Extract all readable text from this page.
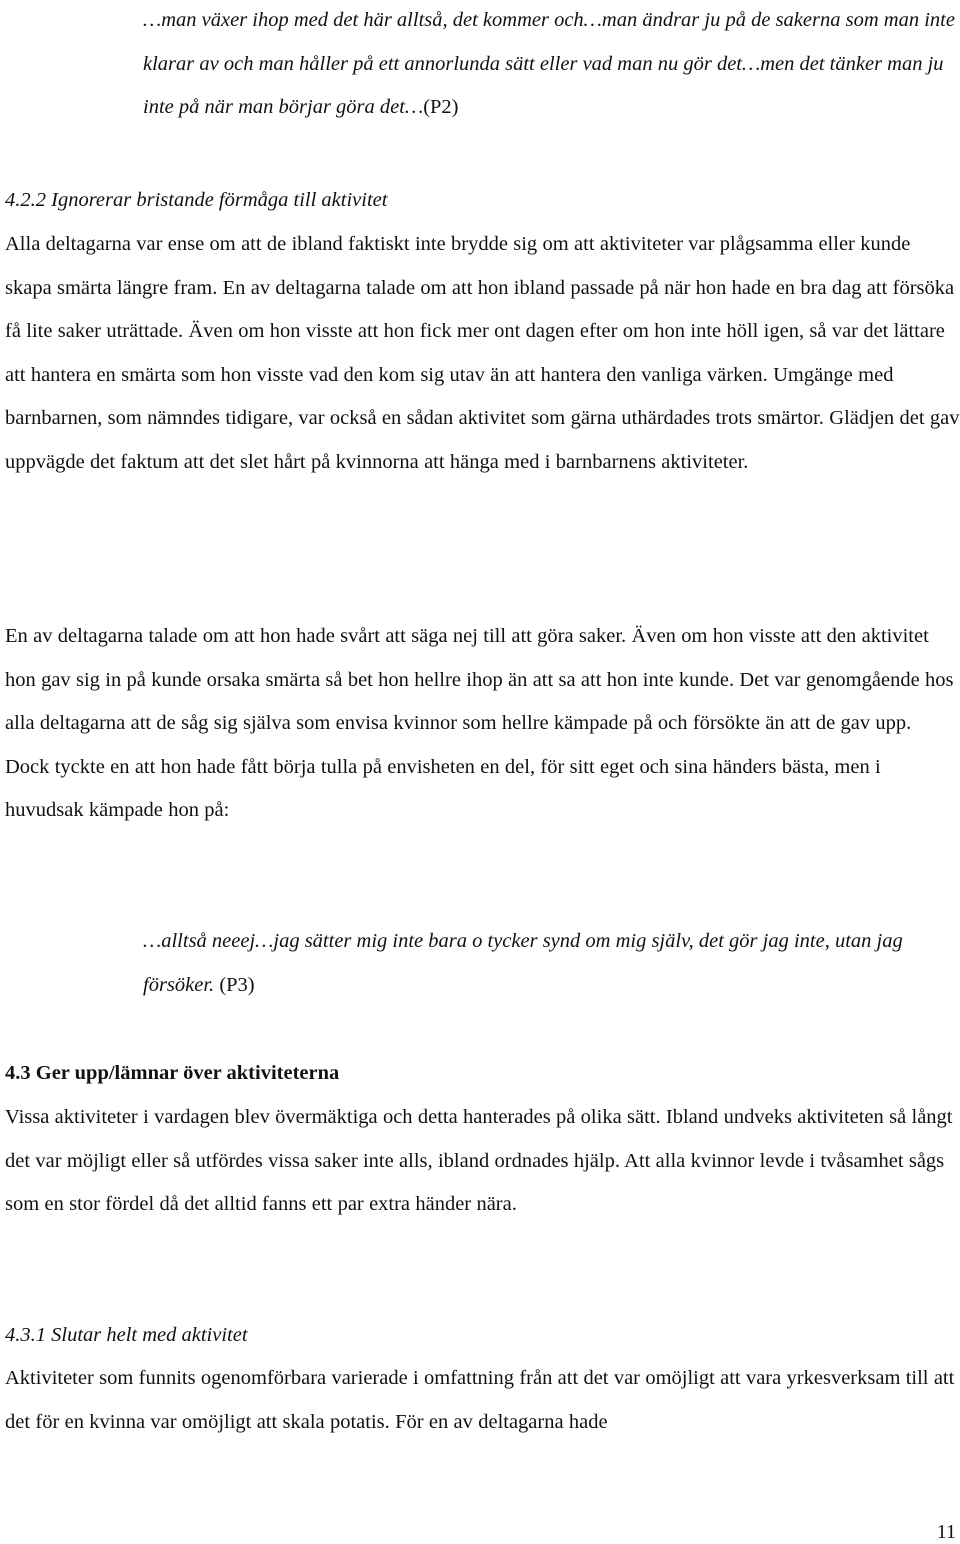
…man växer ihop med det här alltså, det kommer och…man ändrar ju på de sakerna som man inte klarar av och man håller på ett annorlunda sätt eller vad man nu gör det…men det tänker man ju inte på när man börjar göra det…(P2)

4.2.2 Ignorerar bristande förmåga till aktivitet

Alla deltagarna var ense om att de ibland faktiskt inte brydde sig om att aktiviteter var plågsamma eller kunde skapa smärta längre fram. En av deltagarna talade om att hon ibland passade på när hon hade en bra dag att försöka få lite saker uträttade. Även om hon visste att hon fick mer ont dagen efter om hon inte höll igen, så var det lättare att hantera en smärta som hon visste vad den kom sig utav än att hantera den vanliga värken. Umgänge med barnbarnen, som nämndes tidigare, var också en sådan aktivitet som gärna uthärdades trots smärtor. Glädjen det gav uppvägde det faktum att det slet hårt på kvinnorna att hänga med i barnbarnens aktiviteter.

En av deltagarna talade om att hon hade svårt att säga nej till att göra saker. Även om hon visste att den aktivitet hon gav sig in på kunde orsaka smärta så bet hon hellre ihop än att sa att hon inte kunde. Det var genomgående hos alla deltagarna att de såg sig själva som envisa kvinnor som hellre kämpade på och försökte än att de gav upp. Dock tyckte en att hon hade fått börja tulla på envisheten en del, för sitt eget och sina händers bästa, men i huvudsak kämpade hon på:

…alltså neeej…jag sätter mig inte bara o tycker synd om mig själv, det gör jag inte, utan jag försöker. (P3)

4.3 Ger upp/lämnar över aktiviteterna

Vissa aktiviteter i vardagen blev övermäktiga och detta hanterades på olika sätt. Ibland undveks aktiviteten så långt det var möjligt eller så utfördes vissa saker inte alls, ibland ordnades hjälp. Att alla kvinnor levde i tvåsamhet sågs som en stor fördel då det alltid fanns ett par extra händer nära.

4.3.1 Slutar helt med aktivitet

Aktiviteter som funnits ogenomförbara varierade i omfattning från att det var omöjligt att vara yrkesverksam till att det för en kvinna var omöjligt att skala potatis. För en av deltagarna hade

11
